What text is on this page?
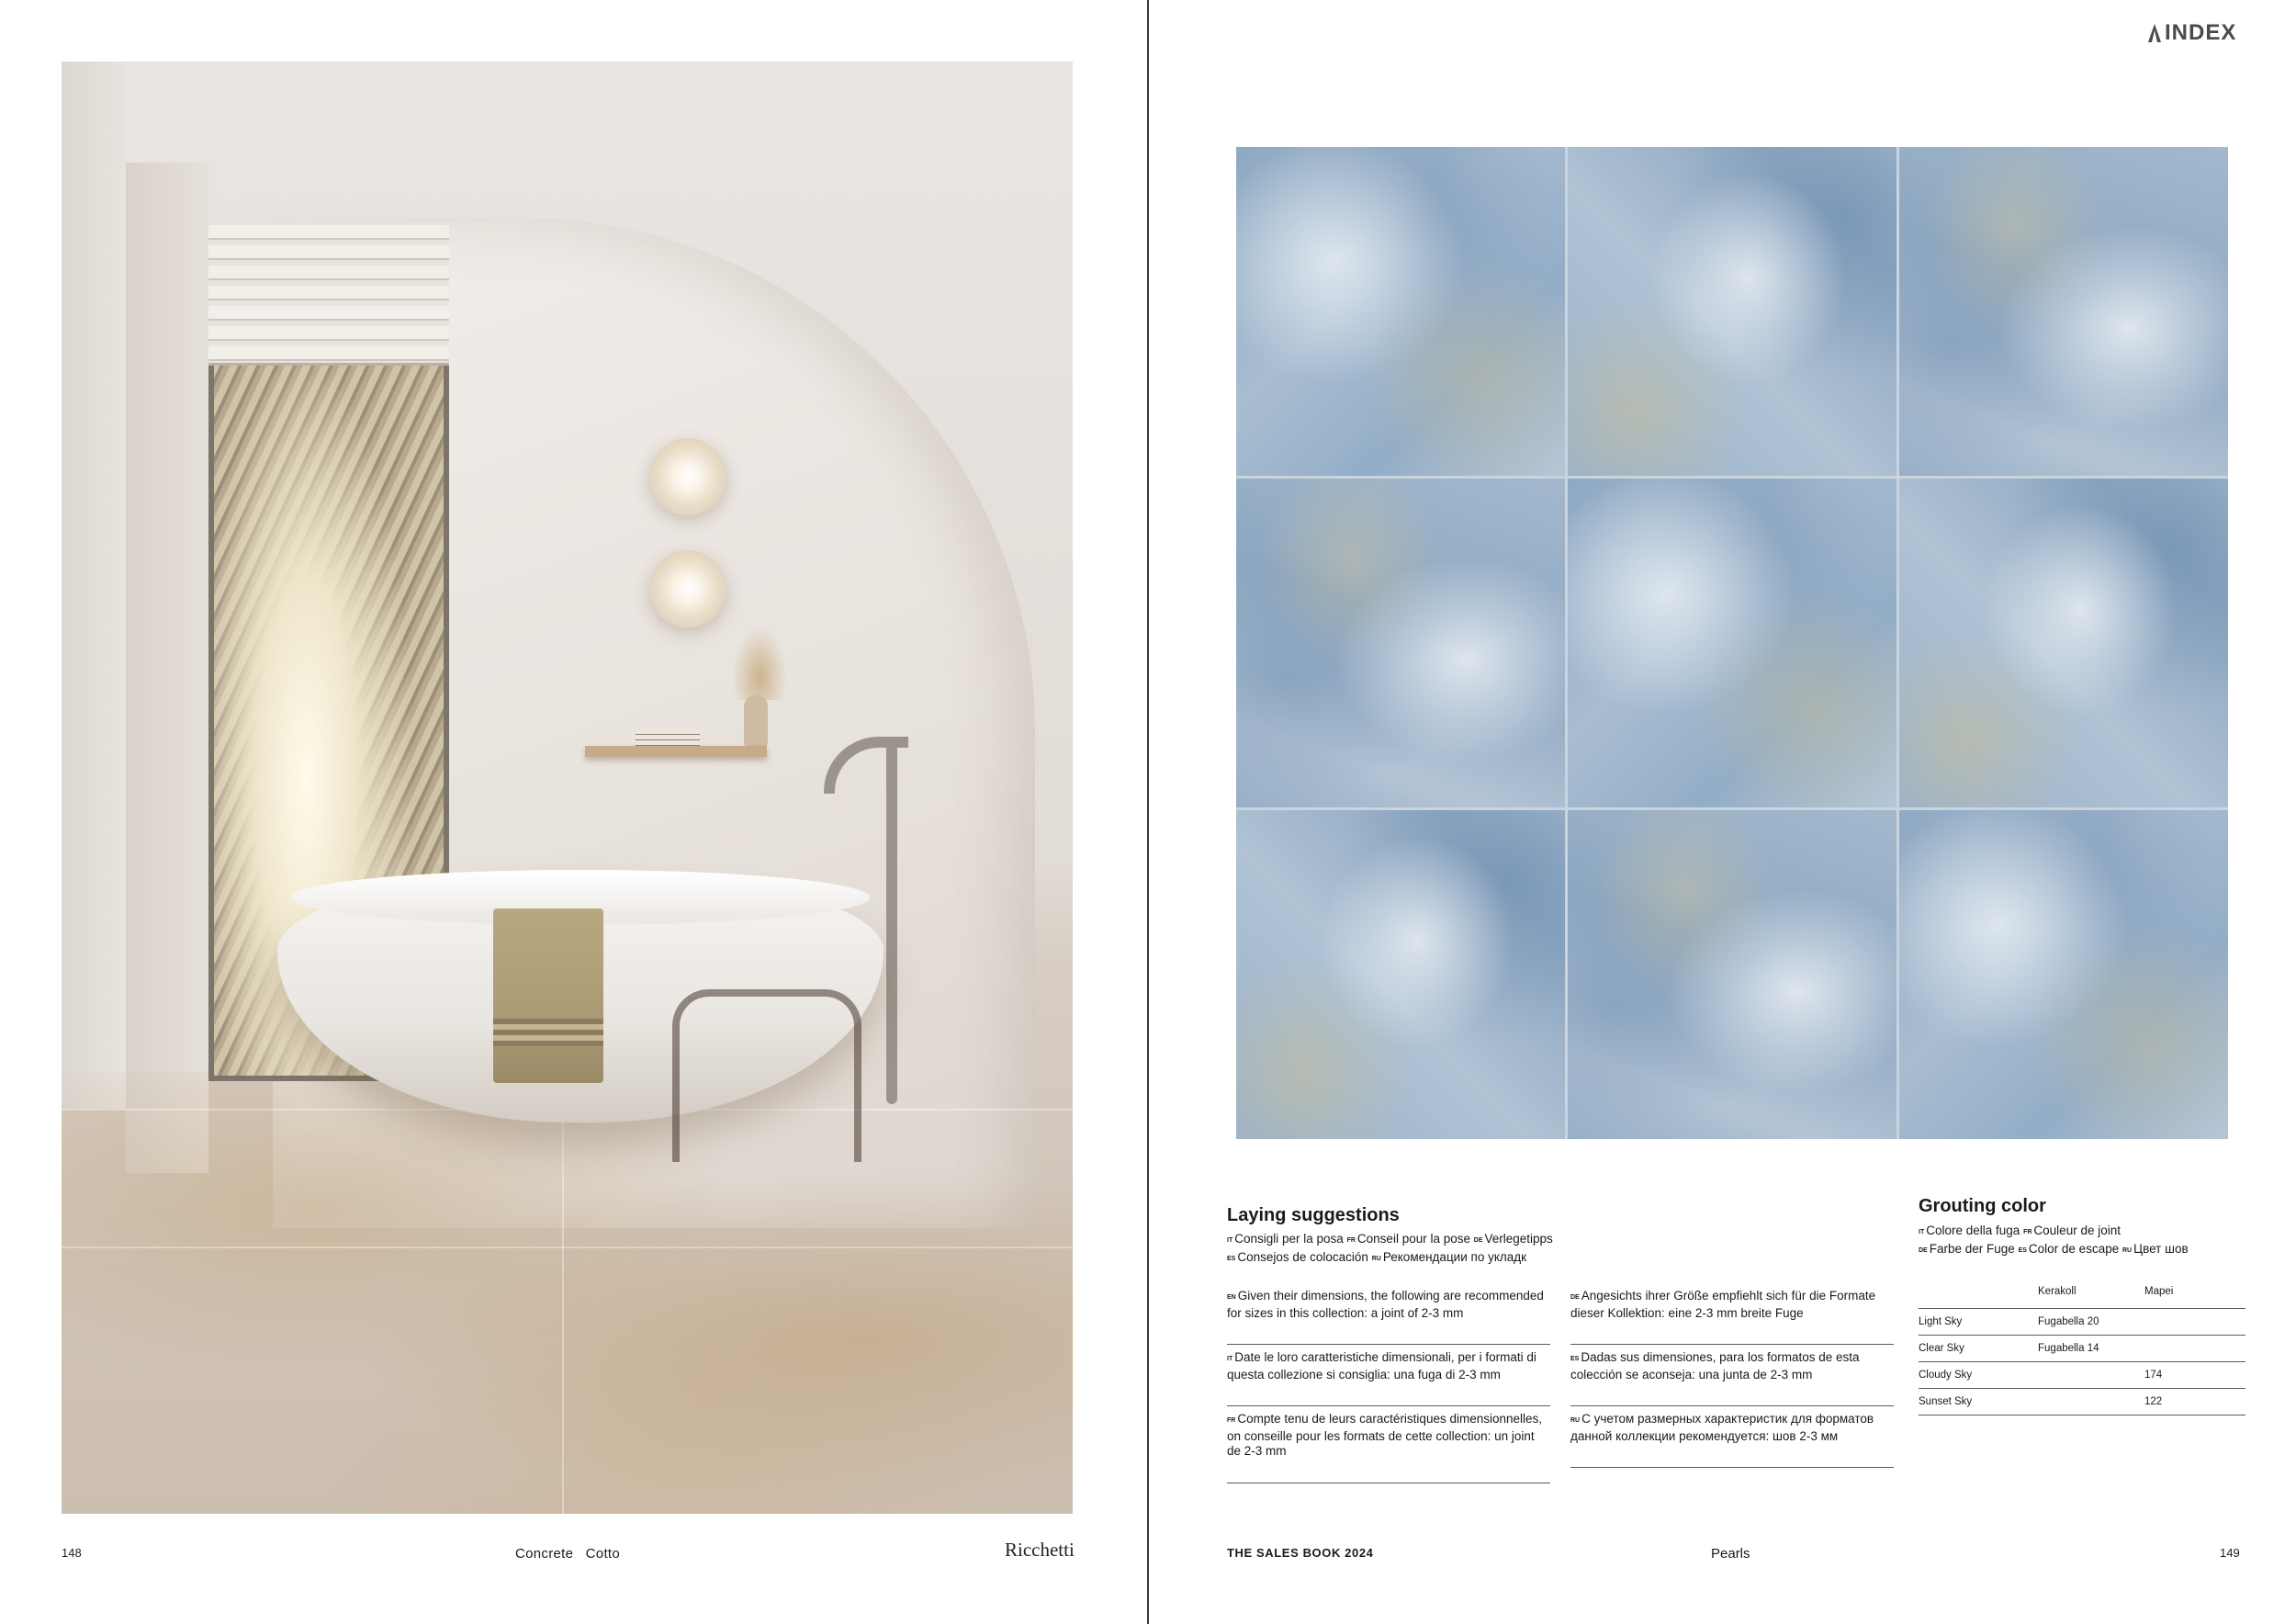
148	Concrete   Cotto	Ricchetti
INDEX
Laying suggestions
IT Consigli per la posa FR Conseil pour la pose DE Verlegetipps
ES Consejos de colocación RU Рекомендации по укладк
EN Given their dimensions, the following are recommended for sizes in this collection: a joint of 2-3 mm
IT Date le loro caratteristiche dimensionali, per i formati di questa collezione si consiglia: una fuga di 2-3 mm
FR Compte tenu de leurs caractéristiques dimensionnelles, on conseille pour les formats de cette collection: un joint de 2-3 mm
DE Angesichts ihrer Größe empfiehlt sich für die Formate dieser Kollektion: eine 2-3 mm breite Fuge
ES Dadas sus dimensiones, para los formatos de esta colección se aconseja: una junta de 2-3 mm
RU С учетом размерных характеристик для форматов данной коллекции рекомендуется: шов 2-3 мм
Grouting color
IT Colore della fuga FR Couleur de joint
DE Farbe der Fuge ES Color de escape RU Цвет шов
	Kerakoll	Mapei
Light Sky	Fugabella 20	
Clear Sky	Fugabella 14	
Cloudy Sky		174
Sunset Sky		122
THE SALES BOOK 2024	Pearls	149
